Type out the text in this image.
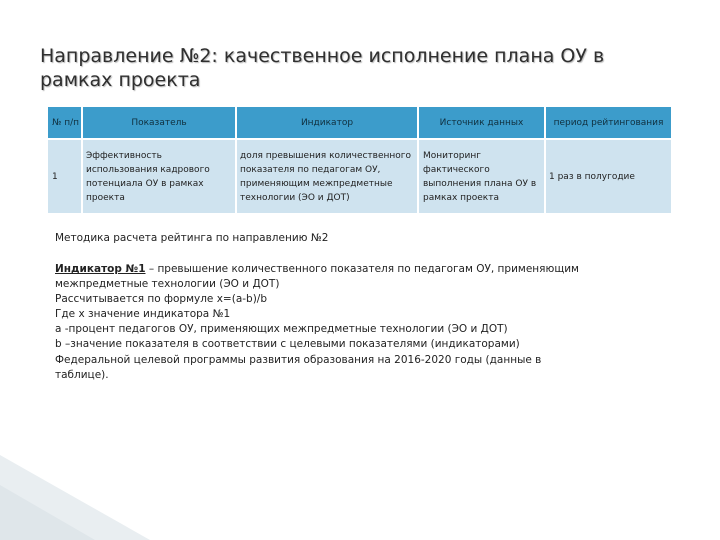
Направление №2: качественное исполнение плана ОУ в рамках проекта
№ п/п	Показатель	Индикатор	Источник данных	период рейтингования
1	Эффективность использования кадрового потенциала ОУ в рамках проекта	доля превышения количественного показателя по педагогам ОУ, применяющим межпредметные технологии (ЭО и ДОТ)	Мониторинг фактического выполнения плана ОУ в рамках проекта	1 раз в полугодие
Методика расчета рейтинга по направлению №2
Индикатор №1 – превышение количественного показателя по педагогам ОУ, применяющим
межпредметные технологии (ЭО и ДОТ)
Рассчитывается по формуле x=(a-b)/b
Где x значение индикатора №1
a -процент педагогов ОУ, применяющих межпредметные технологии (ЭО и ДОТ)
b –значение показателя в соответствии с целевыми показателями (индикаторами)
Федеральной целевой программы развития образования на 2016-2020 годы (данные в
таблице).
